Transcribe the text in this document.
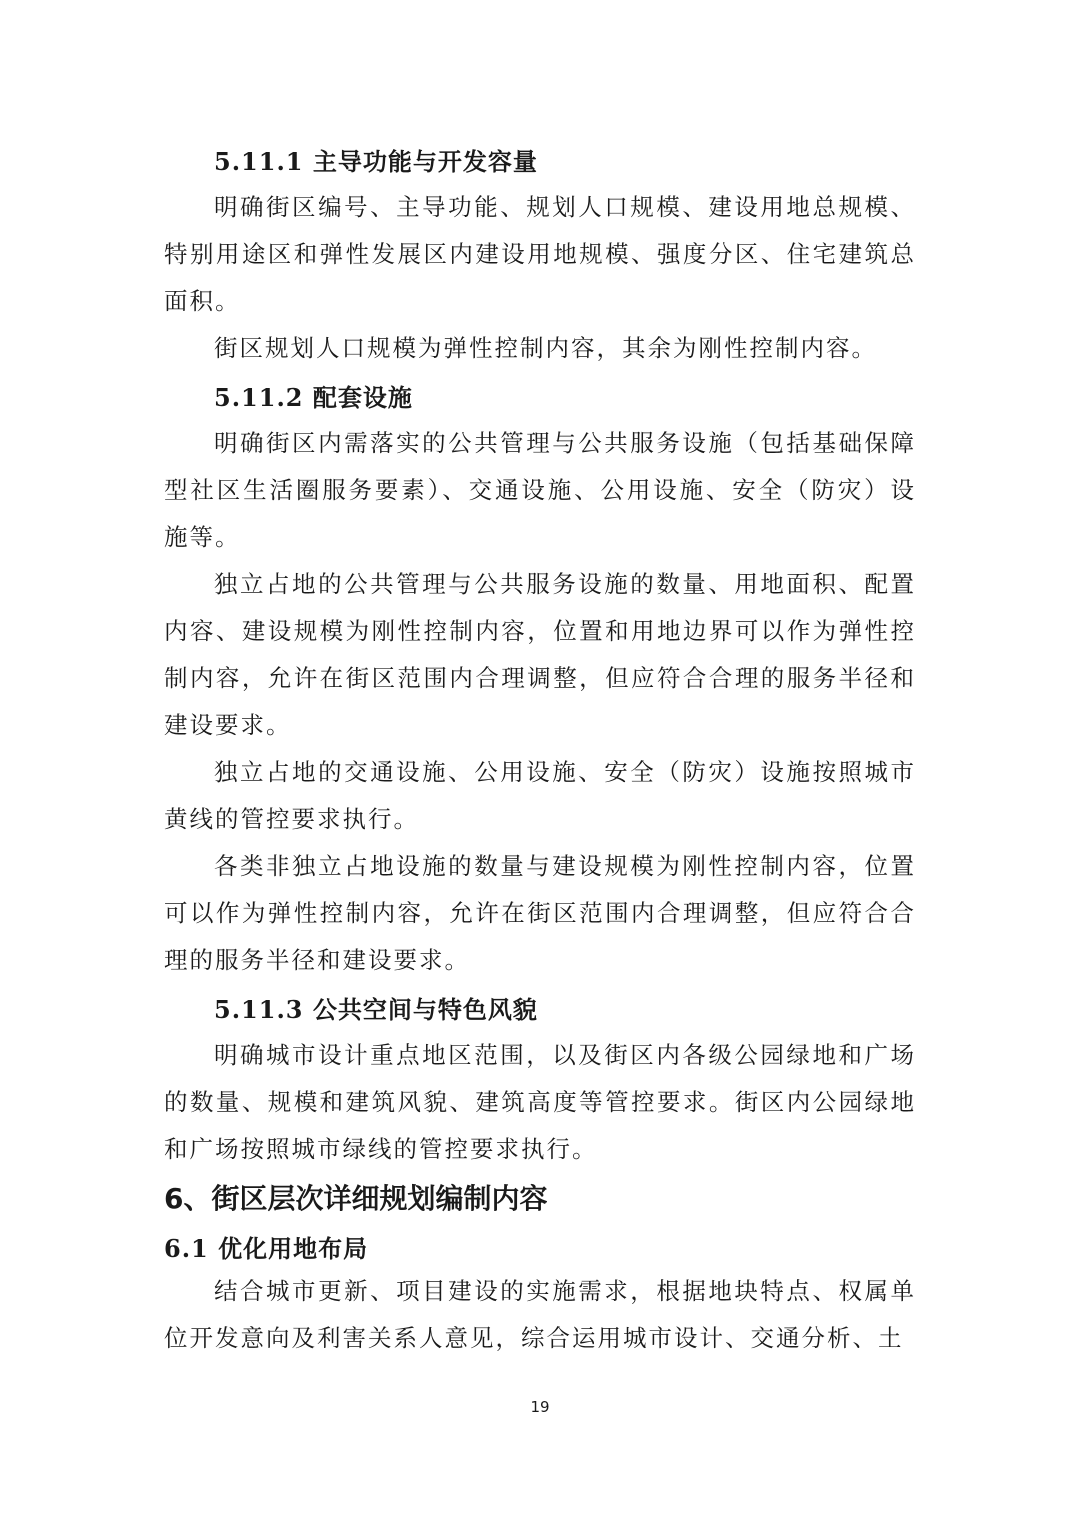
5.11.1 主导功能与开发容量
明确街区编号、主导功能、规划人口规模、建设用地总规模、特别用途区和弹性发展区内建设用地规模、强度分区、住宅建筑总面积。
街区规划人口规模为弹性控制内容，其余为刚性控制内容。
5.11.2 配套设施
明确街区内需落实的公共管理与公共服务设施（包括基础保障型社区生活圈服务要素）、交通设施、公用设施、安全（防灾）设施等。
独立占地的公共管理与公共服务设施的数量、用地面积、配置内容、建设规模为刚性控制内容，位置和用地边界可以作为弹性控制内容，允许在街区范围内合理调整，但应符合合理的服务半径和建设要求。
独立占地的交通设施、公用设施、安全（防灾）设施按照城市黄线的管控要求执行。
各类非独立占地设施的数量与建设规模为刚性控制内容，位置可以作为弹性控制内容，允许在街区范围内合理调整，但应符合合理的服务半径和建设要求。
5.11.3 公共空间与特色风貌
明确城市设计重点地区范围，以及街区内各级公园绿地和广场的数量、规模和建筑风貌、建筑高度等管控要求。街区内公园绿地和广场按照城市绿线的管控要求执行。
6、街区层次详细规划编制内容
6.1 优化用地布局
结合城市更新、项目建设的实施需求，根据地块特点、权属单位开发意向及利害关系人意见，综合运用城市设计、交通分析、土
19
